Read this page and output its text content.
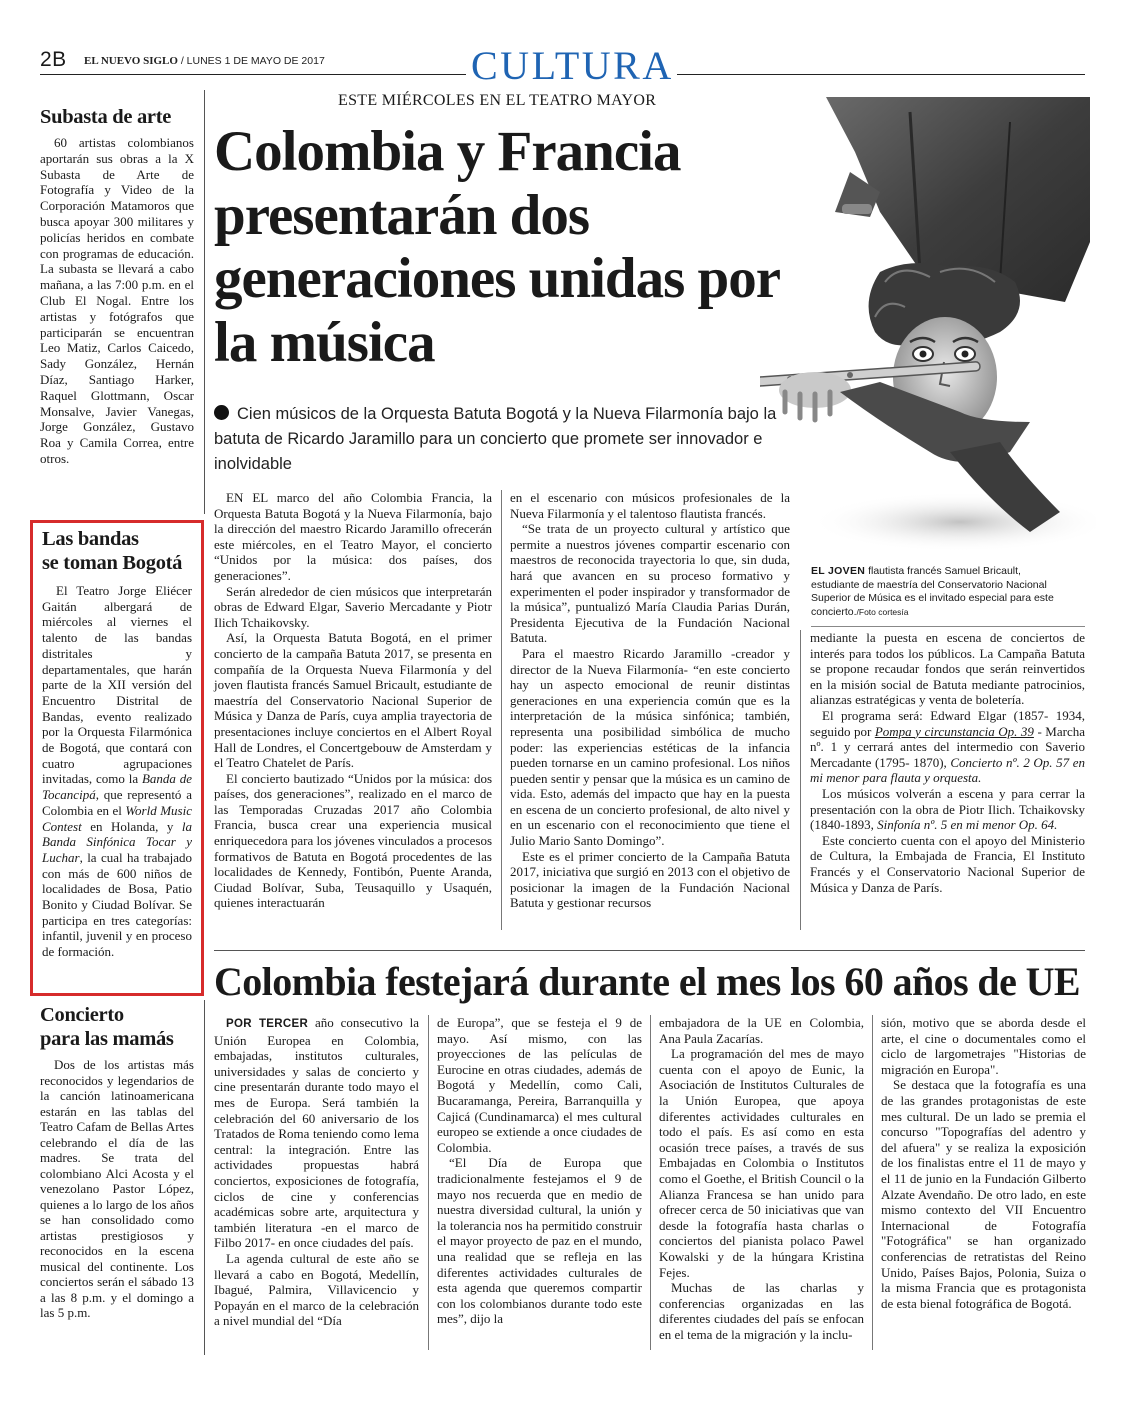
2B EL NUEVO SIGLO / LUNES 1 DE MAYO DE 2017	CULTURA
Subasta de arte

60 artistas colombianos aportarán sus obras a la X Subasta de Arte de Fotografía y Video de la Corporación Matamoros que busca apoyar 300 militares y policías heridos en combate con programas de educación. La subasta se llevará a cabo mañana, a las 7:00 p.m. en el Club El Nogal. Entre los artistas y fotógrafos que participarán se encuentran Leo Matiz, Carlos Caicedo, Sady González, Hernán Díaz, Santiago Harker, Raquel Glottmann, Oscar Monsalve, Javier Vanegas, Jorge González, Gustavo Roa y Camila Correa, entre otros.

Las bandas
se toman Bogotá

El Teatro Jorge Eliécer Gaitán albergará de miércoles al viernes el talento de las bandas distritales y departamentales, que harán parte de la XII versión del Encuentro Distrital de Bandas, evento realizado por la Orquesta Filarmónica de Bogotá, que contará con cuatro agrupaciones invitadas, como la Banda de Tocancipá, que representó a Colombia en el World Music Contest en Holanda, y la Banda Sinfónica Tocar y Luchar, la cual ha trabajado con más de 600 niños de localidades de Bosa, Patio Bonito y Ciudad Bolívar. Se participa en tres categorías: infantil, juvenil y en proceso de formación.

Concierto
para las mamás

Dos de los artistas más reconocidos y legendarios de la canción latinoamericana estarán en las tablas del Teatro Cafam de Bellas Artes celebrando el día de las madres. Se trata del colombiano Alci Acosta y el venezolano Pastor López, quienes a lo largo de los años se han consolidado como artistas prestigiosos y reconocidos en la escena musical del continente. Los conciertos serán el sábado 13 a las 8 p.m. y el domingo a las 5 p.m.

ESTE MIÉRCOLES EN EL TEATRO MAYOR
Colombia y Francia presentarán dos generaciones unidas por la música
Cien músicos de la Orquesta Batuta Bogotá y la Nueva Filarmonía bajo la batuta de Ricardo Jaramillo para un concierto que promete ser innovador e inolvidable
EL JOVEN flautista francés Samuel Bricault, estudiante de maestría del Conservatorio Nacional Superior de Música es el invitado especial para este concierto./Foto cortesía

EN EL marco del año Colombia Francia, la Orquesta Batuta Bogotá y la Nueva Filarmonía, bajo la dirección del maestro Ricardo Jaramillo ofrecerán este miércoles, en el Teatro Mayor, el concierto “Unidos por la música: dos países, dos generaciones”.

Serán alrededor de cien músicos que interpretarán obras de Edward Elgar, Saverio Mercadante y Piotr Ilich Tchaikovsky.

Así, la Orquesta Batuta Bogotá, en el primer concierto de la campaña Batuta 2017, se presenta en compañía de la Orquesta Nueva Filarmonía y del joven flautista francés Samuel Bricault, estudiante de maestría del Conservatorio Nacional Superior de Música y Danza de París, cuya amplia trayectoria de presentaciones incluye conciertos en el Albert Royal Hall de Londres, el Concertgebouw de Amsterdam y el Teatro Chatelet de París.

El concierto bautizado “Unidos por la música: dos países, dos generaciones”, realizado en el marco de las Temporadas Cruzadas 2017 año Colombia Francia, busca crear una experiencia musical enriquecedora para los jóvenes vinculados a procesos formativos de Batuta en Bogotá procedentes de las localidades de Kennedy, Fontibón, Puente Aranda, Ciudad Bolívar, Suba, Teusaquillo y Usaquén, quienes interactuarán

en el escenario con músicos profesionales de la Nueva Filarmonía y el talentoso flautista francés.

“Se trata de un proyecto cultural y artístico que permite a nuestros jóvenes compartir escenario con maestros de reconocida trayectoria lo que, sin duda, hará que avancen en su proceso formativo y experimenten el poder inspirador y transformador de la música”, puntualizó María Claudia Parias Durán, Presidenta Ejecutiva de la Fundación Nacional Batuta.

Para el maestro Ricardo Jaramillo -creador y director de la Nueva Filarmonía- “en este concierto hay un aspecto emocional de reunir distintas generaciones en una experiencia común que es la interpretación de la música sinfónica; también, representa una posibilidad simbólica de mucho poder: las experiencias estéticas de la infancia pueden tornarse en un camino profesional. Los niños pueden sentir y pensar que la música es un camino de vida. Esto, además del impacto que hay en la puesta en escena de un concierto profesional, de alto nivel y en un escenario con el reconocimiento que tiene el Julio Mario Santo Domingo”.

Este es el primer concierto de la Campaña Batuta 2017, iniciativa que surgió en 2013 con el objetivo de posicionar la imagen de la Fundación Nacional Batuta y gestionar recursos

mediante la puesta en escena de conciertos de interés para todos los públicos. La Campaña Batuta se propone recaudar fondos que serán reinvertidos en la misión social de Batuta mediante patrocinios, alianzas estratégicas y venta de boletería.

El programa será: Edward Elgar (1857- 1934, seguido por Pompa y circunstancia Op. 39 - Marcha nº. 1 y cerrará antes del intermedio con Saverio Mercadante (1795- 1870), Concierto nº. 2 Op. 57 en mi menor para flauta y orquesta.

Los músicos volverán a escena y para cerrar la presentación con la obra de Piotr Ilich. Tchaikovsky (1840-1893, Sinfonía nº. 5 en mi menor Op. 64.

Este concierto cuenta con el apoyo del Ministerio de Cultura, la Embajada de Francia, El Instituto Francés y el Conservatorio Nacional Superior de Música y Danza de París.

Colombia festejará durante el mes los 60 años de UE

POR TERCER año consecutivo la Unión Europea en Colombia, embajadas, institutos culturales, universidades y salas de concierto y cine presentarán durante todo mayo el mes de Europa. Será también la celebración del 60 aniversario de los Tratados de Roma teniendo como lema central: la integración. Entre las actividades propuestas habrá conciertos, exposiciones de fotografía, ciclos de cine y conferencias académicas sobre arte, arquitectura y también literatura -en el marco de Filbo 2017- en once ciudades del país.

La agenda cultural de este año se llevará a cabo en Bogotá, Medellín, Ibagué, Palmira, Villavicencio y Popayán en el marco de la celebración a nivel mundial del “Día

de Europa”, que se festeja el 9 de mayo. Así mismo, con las proyecciones de las películas de Eurocine en otras ciudades, además de Bogotá y Medellín, como Cali, Bucaramanga, Pereira, Barranquilla y Cajicá (Cundinamarca) el mes cultural europeo se extiende a once ciudades de Colombia.

“El Día de Europa que tradicionalmente festejamos el 9 de mayo nos recuerda que en medio de nuestra diversidad cultural, la unión y la tolerancia nos ha permitido construir el mayor proyecto de paz en el mundo, una realidad que se refleja en las diferentes actividades culturales de esta agenda que queremos compartir con los colombianos durante todo este mes”, dijo la

embajadora de la UE en Colombia, Ana Paula Zacarías.

La programación del mes de mayo cuenta con el apoyo de Eunic, la Asociación de Institutos Culturales de la Unión Europea, que apoya diferentes actividades culturales en todo el país. Es así como en esta ocasión trece países, a través de sus Embajadas en Colombia o Institutos como el Goethe, el British Council o la Alianza Francesa se han unido para ofrecer cerca de 50 iniciativas que van desde la fotografía hasta charlas o conciertos del pianista polaco Pawel Kowalski y de la húngara Kristina Fejes.

Muchas de las charlas y conferencias organizadas en las diferentes ciudades del país se enfocan en el tema de la migración y la inclu-

sión, motivo que se aborda desde el arte, el cine o documentales como el ciclo de largometrajes "Historias de migración en Europa".

Se destaca que la fotografía es una de las grandes protagonistas de este mes cultural. De un lado se premia el concurso "Topografías del adentro y del afuera" y se realiza la exposición de los finalistas entre el 11 de mayo y el 11 de junio en la Fundación Gilberto Alzate Avendaño. De otro lado, en este mismo contexto del VII Encuentro Internacional de Fotografía "Fotográfica" se han organizado conferencias de retratistas del Reino Unido, Países Bajos, Polonia, Suiza o la misma Francia que es protagonista de esta bienal fotográfica de Bogotá.
